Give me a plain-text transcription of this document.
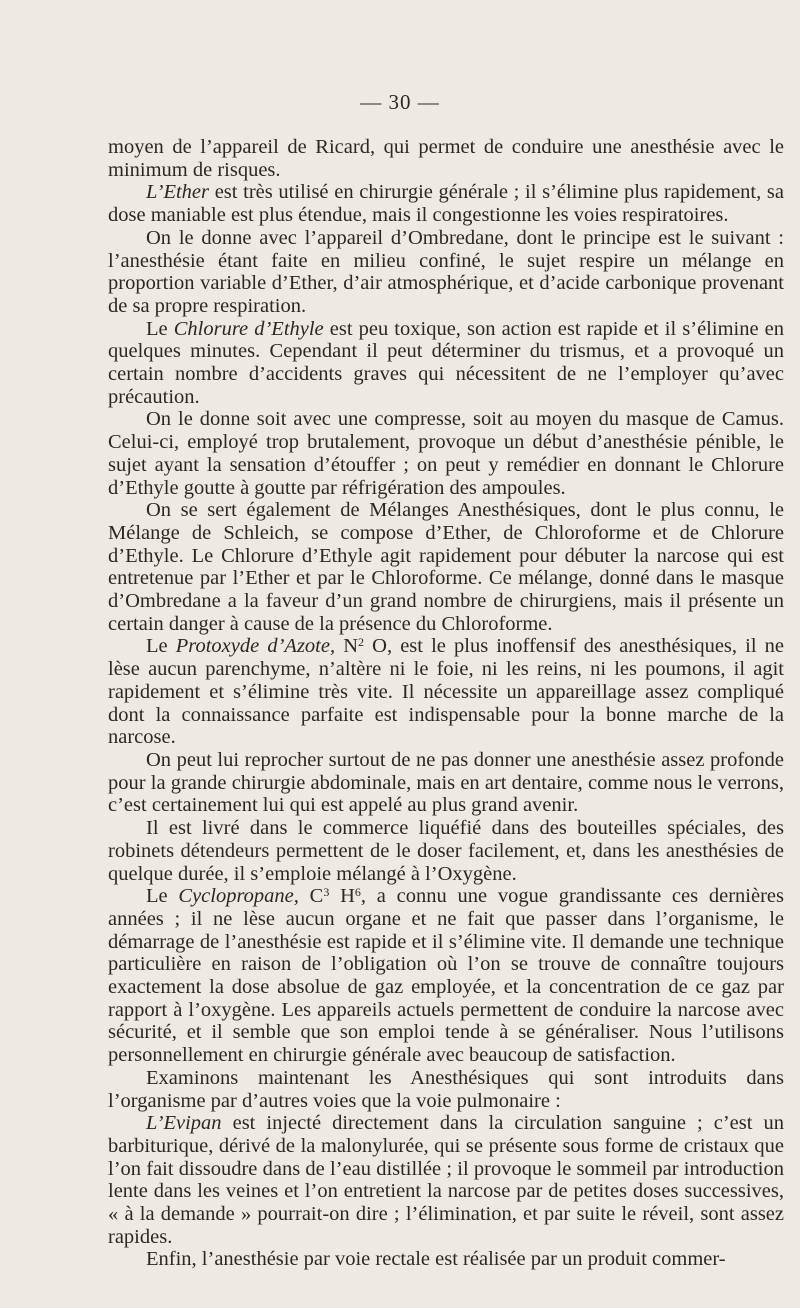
— 30 —

moyen de l’appareil de Ricard, qui permet de conduire une anesthésie avec le minimum de risques.

L’Ether est très utilisé en chirurgie générale ; il s’élimine plus rapidement, sa dose maniable est plus étendue, mais il congestionne les voies respiratoires.

On le donne avec l’appareil d’Ombredane, dont le principe est le suivant : l’anesthésie étant faite en milieu confiné, le sujet respire un mélange en proportion variable d’Ether, d’air atmosphérique, et d’acide carbonique provenant de sa propre respiration.

Le Chlorure d’Ethyle est peu toxique, son action est rapide et il s’élimine en quelques minutes. Cependant il peut déterminer du trismus, et a provoqué un certain nombre d’accidents graves qui nécessitent de ne l’employer qu’avec précaution.

On le donne soit avec une compresse, soit au moyen du masque de Camus. Celui-ci, employé trop brutalement, provoque un début d’anesthésie pénible, le sujet ayant la sensation d’étouffer ; on peut y remédier en donnant le Chlorure d’Ethyle goutte à goutte par réfrigération des ampoules.

On se sert également de Mélanges Anesthésiques, dont le plus connu, le Mélange de Schleich, se compose d’Ether, de Chloroforme et de Chlorure d’Ethyle. Le Chlorure d’Ethyle agit rapidement pour débuter la narcose qui est entretenue par l’Ether et par le Chloroforme. Ce mélange, donné dans le masque d’Ombredane a la faveur d’un grand nombre de chirurgiens, mais il présente un certain danger à cause de la présence du Chloroforme.

Le Protoxyde d’Azote, $N^2$ O, est le plus inoffensif des anesthésiques, il ne lèse aucun parenchyme, n’altère ni le foie, ni les reins, ni les poumons, il agit rapidement et s’élimine très vite. Il nécessite un appareillage assez compliqué dont la connaissance parfaite est indispensable pour la bonne marche de la narcose.

On peut lui reprocher surtout de ne pas donner une anesthésie assez profonde pour la grande chirurgie abdominale, mais en art dentaire, comme nous le verrons, c’est certainement lui qui est appelé au plus grand avenir.

Il est livré dans le commerce liquéfié dans des bouteilles spéciales, des robinets détendeurs permettent de le doser facilement, et, dans les anesthésies de quelque durée, il s’emploie mélangé à l’Oxygène.

Le Cyclopropane, $C^3$ $H^6$, a connu une vogue grandissante ces dernières années ; il ne lèse aucun organe et ne fait que passer dans l’organisme, le démarrage de l’anesthésie est rapide et il s’élimine vite. Il demande une technique particulière en raison de l’obligation où l’on se trouve de connaître toujours exactement la dose absolue de gaz employée, et la concentration de ce gaz par rapport à l’oxygène. Les appareils actuels permettent de conduire la narcose avec sécurité, et il semble que son emploi tende à se généraliser. Nous l’utilisons personnellement en chirurgie générale avec beaucoup de satisfaction.

Examinons maintenant les Anesthésiques qui sont introduits dans l’organisme par d’autres voies que la voie pulmonaire :

L’Evipan est injecté directement dans la circulation sanguine ; c’est un barbiturique, dérivé de la malonylurée, qui se présente sous forme de cristaux que l’on fait dissoudre dans de l’eau distillée ; il provoque le sommeil par introduction lente dans les veines et l’on entretient la narcose par de petites doses successives, « à la demande » pourrait-on dire ; l’élimination, et par suite le réveil, sont assez rapides.

Enfin, l’anesthésie par voie rectale est réalisée par un produit commer-
